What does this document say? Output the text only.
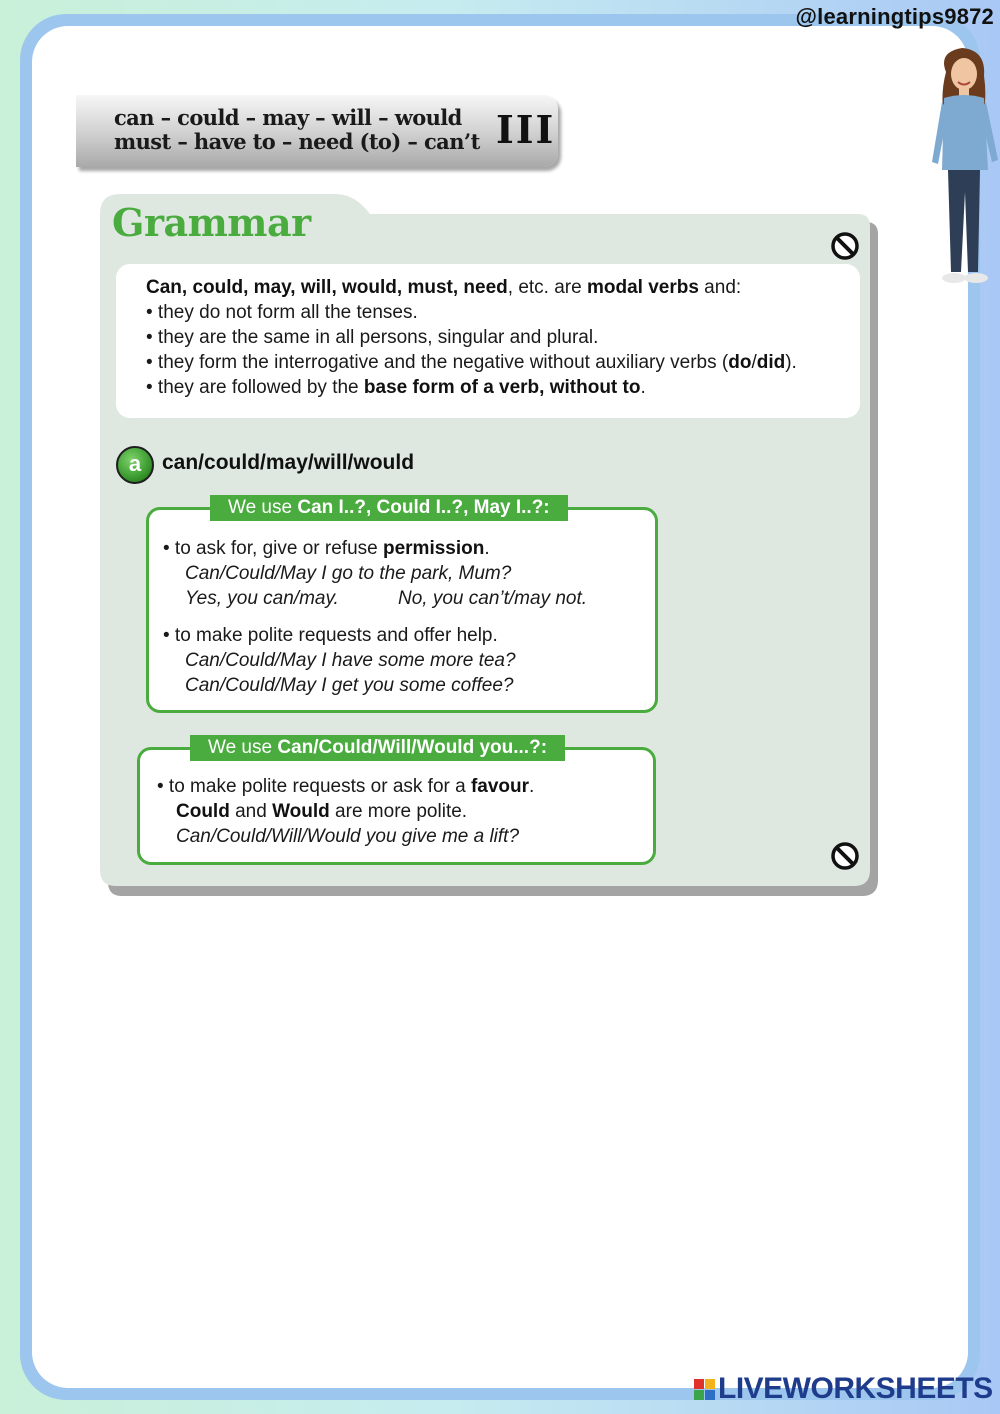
@learningtips9872
can – could – may – will – would
must – have to – need (to) – can’t III
Grammar

Can, could, may, will, would, must, need, etc. are modal verbs and:

• they do not form all the tenses.

• they are the same in all persons, singular and plural.

• they form the interrogative and the negative without auxiliary verbs (do/did).

• they are followed by the base form of a verb, without to.

a can/could/may/will/would
• to ask for, give or refuse permission.
Can/Could/May I go to the park, Mum?
Yes, you can/may.	No, you can’t/may not.
• to make polite requests and offer help.
Can/Could/May I have some more tea?
Can/Could/May I get you some coffee?
We use Can I..?, Could I..?, May I..?:
• to make polite requests or ask for a favour.
Could and Would are more polite.
Can/Could/Will/Would you give me a lift?
We use Can/Could/Will/Would you...?:
LIVEWORKSHEETS
